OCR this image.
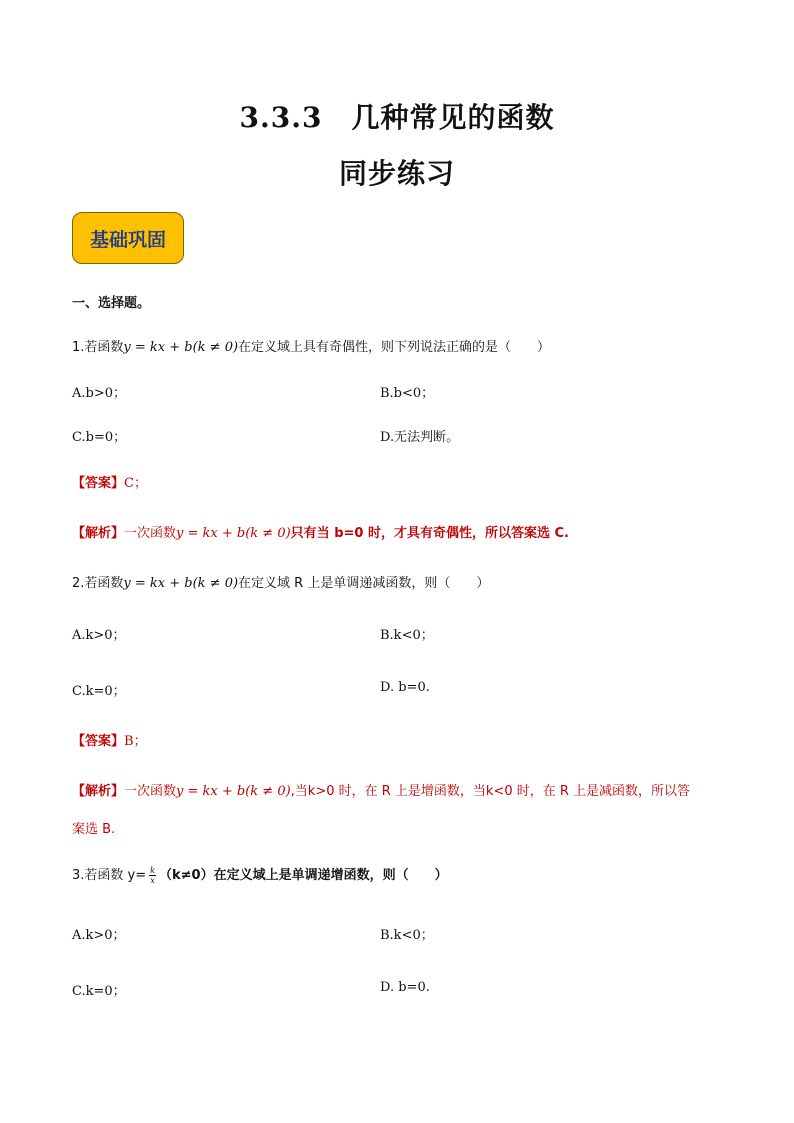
3.3.3　几种常见的函数
同步练习
基础巩固
一、选择题。
1.若函数y = kx + b(k ≠ 0)在定义域上具有奇偶性，则下列说法正确的是（　　）
A.b>0；	B.b<0；
C.b=0；	D.无法判断。
【答案】C；
【解析】一次函数y = kx + b(k ≠ 0)只有当 b=0 时，才具有奇偶性，所以答案选 C.
2.若函数y = kx + b(k ≠ 0)在定义域 R 上是单调递减函数，则（　　）
A.k>0；	B.k<0；
C.k=0；	D. b=0.
【答案】B；
【解析】一次函数y = kx + b(k ≠ 0),当k>0 时，在 R 上是增函数，当k<0 时，在 R 上是减函数，所以答
案选 B.
3.若函数 $y= \frac{k}{x} (k\ne 0)$在定义域上是单调递增函数，则（　　）
A.k>0；	B.k<0；
C.k=0；	D. b=0.
